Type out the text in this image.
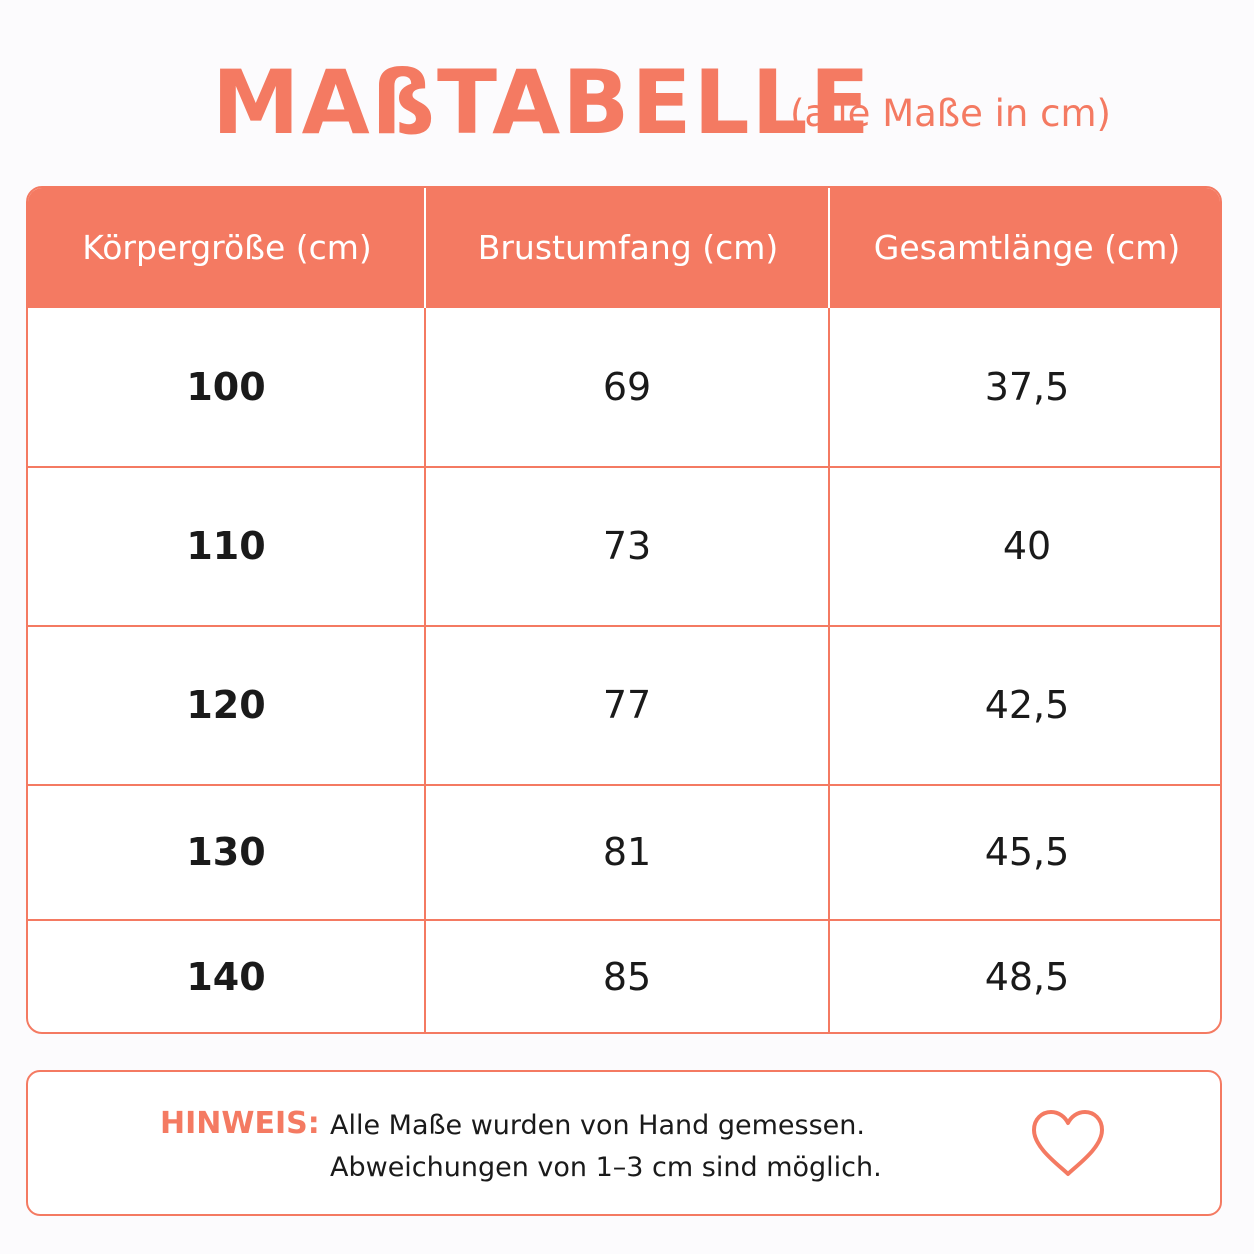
MAßTABELLE
(alle Maße in cm)
Körpergröße (cm)	Brustumfang (cm)	Gesamtlänge (cm)
100	69	37,5
110	73	40
120	77	42,5
130	81	45,5
140	85	48,5
HINWEIS: Alle Maße wurden von Hand gemessen.
Abweichungen von 1–3 cm sind möglich.
